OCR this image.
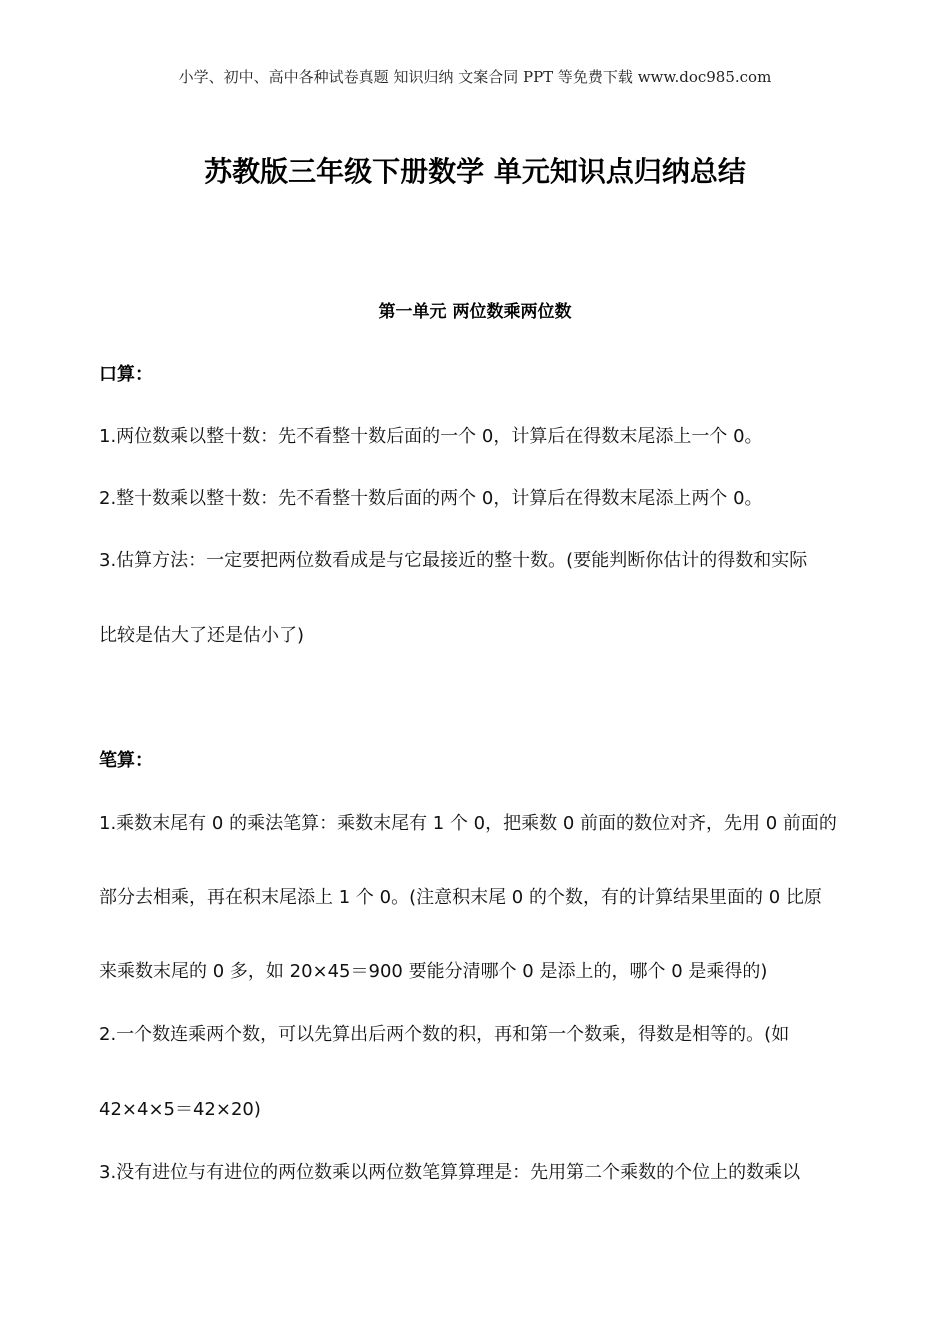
小学、初中、高中各种试卷真题 知识归纳 文案合同 PPT 等免费下载 www.doc985.com
苏教版三年级下册数学 单元知识点归纳总结
第一单元 两位数乘两位数
口算：
1.两位数乘以整十数：先不看整十数后面的一个 0，计算后在得数末尾添上一个 0。
2.整十数乘以整十数：先不看整十数后面的两个 0，计算后在得数末尾添上两个 0。
3.估算方法：一定要把两位数看成是与它最接近的整十数。(要能判断你估计的得数和实际
比较是估大了还是估小了)
笔算：
1.乘数末尾有 0 的乘法笔算：乘数末尾有 1 个 0，把乘数 0 前面的数位对齐，先用 0 前面的
部分去相乘，再在积末尾添上 1 个 0。(注意积末尾 0 的个数，有的计算结果里面的 0 比原
来乘数末尾的 0 多，如 20×45＝900 要能分清哪个 0 是添上的，哪个 0 是乘得的)
2.一个数连乘两个数，可以先算出后两个数的积，再和第一个数乘，得数是相等的。(如
42×4×5＝42×20)
3.没有进位与有进位的两位数乘以两位数笔算算理是：先用第二个乘数的个位上的数乘以
